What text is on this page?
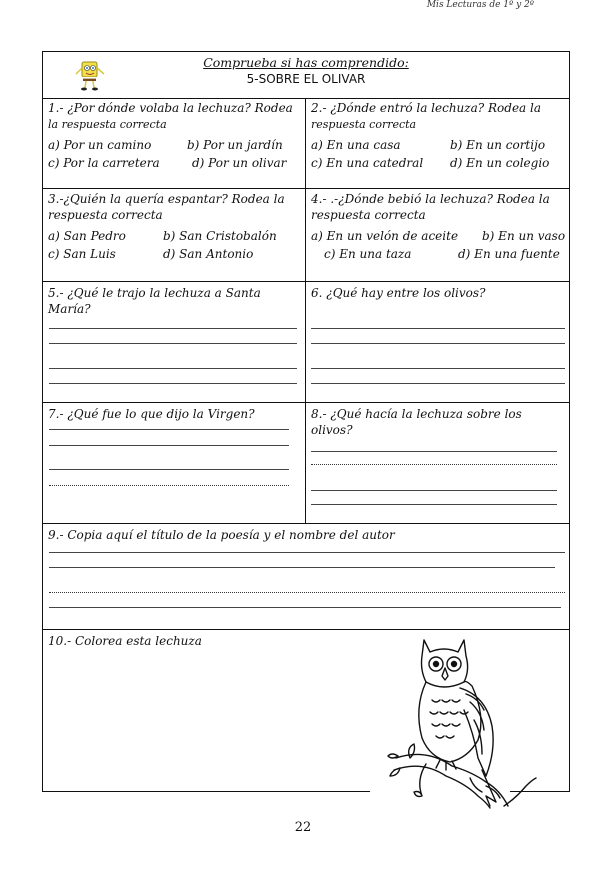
Mis Lecturas de 1º y 2º
Comprueba si has comprendido:
5-SOBRE EL OLIVAR
1.- ¿Por dónde volaba la lechuza? Rodea
la respuesta correcta
a) Por un camino	b) Por un jardín
c) Por la carretera	d) Por un olivar
2.- ¿Dónde entró la lechuza? Rodea la
respuesta correcta
a) En una casa	b) En un cortijo
c) En una catedral d) En un colegio
3.-¿Quién la quería espantar? Rodea la
respuesta correcta
a) San Pedro	b) San Cristobalón
c) San Luis	d) San Antonio
4.- .-¿Dónde bebió la lechuza? Rodea la
respuesta correcta
a) En un velón de aceite b) En un vaso
c) En una taza	d) En una fuente
5.- ¿Qué le trajo la lechuza a Santa
María?
6. ¿Qué hay entre los olivos?
7.- ¿Qué fue lo que dijo la Virgen?	8.- ¿Qué hacía la lechuza sobre los
olivos?
9.- Copia aquí el título de la poesía y el nombre del autor
10.- Colorea esta lechuza
22
